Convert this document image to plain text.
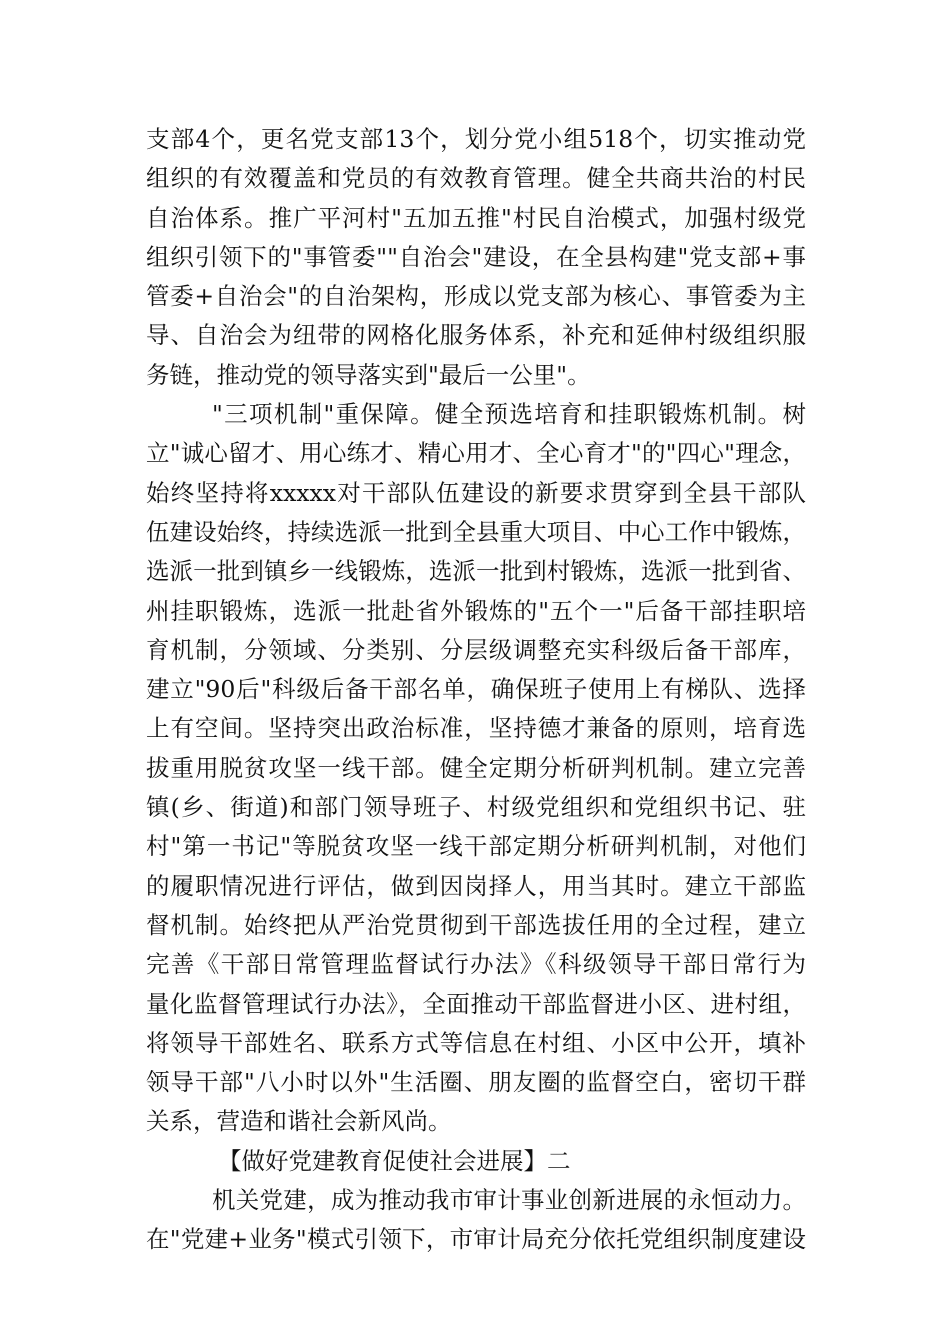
支部4个，更名党支部13个，划分党小组518个，切实推动党
组织的有效覆盖和党员的有效教育管理。健全共商共治的村民
自治体系。推广平河村"五加五推"村民自治模式，加强村级党
组织引领下的"事管委""自治会"建设，在全县构建"党支部+事
管委+自治会"的自治架构，形成以党支部为核心、事管委为主
导、自治会为纽带的网格化服务体系，补充和延伸村级组织服
务链，推动党的领导落实到"最后一公里"。
"三项机制"重保障。健全预选培育和挂职锻炼机制。树
立"诚心留才、用心练才、精心用才、全心育才"的"四心"理念，
始终坚持将xxxxx对干部队伍建设的新要求贯穿到全县干部队
伍建设始终，持续选派一批到全县重大项目、中心工作中锻炼，
选派一批到镇乡一线锻炼，选派一批到村锻炼，选派一批到省、
州挂职锻炼，选派一批赴省外锻炼的"五个一"后备干部挂职培
育机制，分领域、分类别、分层级调整充实科级后备干部库，
建立"90后"科级后备干部名单，确保班子使用上有梯队、选择
上有空间。坚持突出政治标准，坚持德才兼备的原则，培育选
拔重用脱贫攻坚一线干部。健全定期分析研判机制。建立完善
镇(乡、街道)和部门领导班子、村级党组织和党组织书记、驻
村"第一书记"等脱贫攻坚一线干部定期分析研判机制，对他们
的履职情况进行评估，做到因岗择人，用当其时。建立干部监
督机制。始终把从严治党贯彻到干部选拔任用的全过程，建立
完善《干部日常管理监督试行办法》《科级领导干部日常行为
量化监督管理试行办法》，全面推动干部监督进小区、进村组，
将领导干部姓名、联系方式等信息在村组、小区中公开，填补
领导干部"八小时以外"生活圈、朋友圈的监督空白，密切干群
关系，营造和谐社会新风尚。
【做好党建教育促使社会进展】二
机关党建，成为推动我市审计事业创新进展的永恒动力。
在"党建+业务"模式引领下，市审计局充分依托党组织制度建设
